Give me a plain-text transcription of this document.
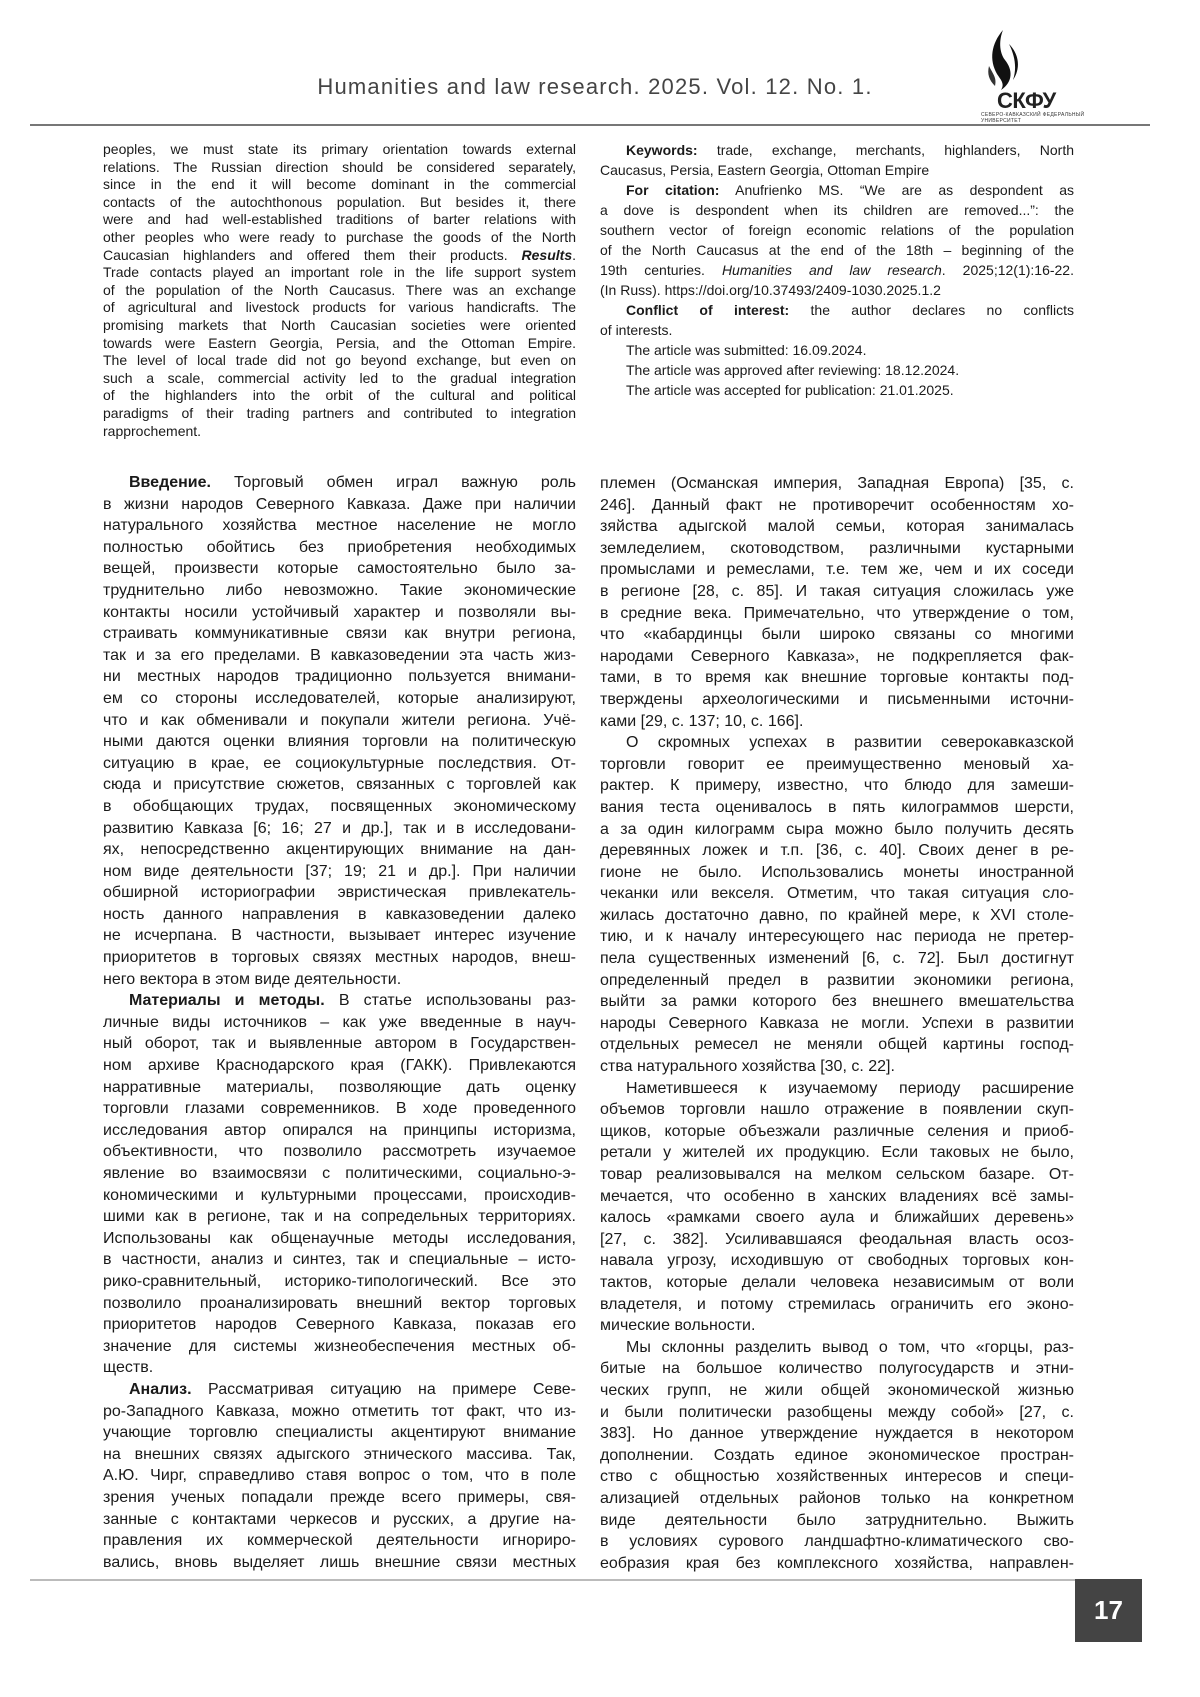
Humanities and law research. 2025. Vol. 12. No. 1.
СКФУ
СЕВЕРО-КАВКАЗСКИЙ ФЕДЕРАЛЬНЫЙ УНИВЕРСИТЕТ
peoples, we must state its primary orientation towards external
relations. The Russian direction should be considered separately,
since in the end it will become dominant in the commercial
contacts of the autochthonous population. But besides it, there
were and had well-established traditions of barter relations with
other peoples who were ready to purchase the goods of the North
Caucasian highlanders and offered them their products. Results.
Trade contacts played an important role in the life support system
of the population of the North Caucasus. There was an exchange
of agricultural and livestock products for various handicrafts. The
promising markets that North Caucasian societies were oriented
towards were Eastern Georgia, Persia, and the Ottoman Empire.
The level of local trade did not go beyond exchange, but even on
such a scale, commercial activity led to the gradual integration
of the highlanders into the orbit of the cultural and political
paradigms of their trading partners and contributed to integration
rapprochement.
Keywords: trade, exchange, merchants, highlanders, North
Caucasus, Persia, Eastern Georgia, Ottoman Empire
For citation: Anufrienko MS. “We are as despondent as
a dove is despondent when its children are removed...”: the
southern vector of foreign economic relations of the population
of the North Caucasus at the end of the 18th – beginning of the
19th centuries. Humanities and law research. 2025;12(1):16-22.
(In Russ). https://doi.org/10.37493/2409-1030.2025.1.2
Conflict of interest: the author declares no conflicts
of interests.
The article was submitted: 16.09.2024.
The article was approved after reviewing: 18.12.2024.
The article was accepted for publication: 21.01.2025.
Введение. Торговый обмен играл важную роль
в жизни народов Северного Кавказа. Даже при наличии
натурального хозяйства местное население не могло
полностью обойтись без приобретения необходимых
вещей, произвести которые самостоятельно было за-
труднительно либо невозможно. Такие экономические
контакты носили устойчивый характер и позволяли вы-
страивать коммуникативные связи как внутри региона,
так и за его пределами. В кавказоведении эта часть жиз-
ни местных народов традиционно пользуется внимани-
ем со стороны исследователей, которые анализируют,
что и как обменивали и покупали жители региона. Учё-
ными даются оценки влияния торговли на политическую
ситуацию в крае, ее социокультурные последствия. От-
сюда и присутствие сюжетов, связанных с торговлей как
в обобщающих трудах, посвященных экономическому
развитию Кавказа [6; 16; 27 и др.], так и в исследовани-
ях, непосредственно акцентирующих внимание на дан-
ном виде деятельности [37; 19; 21 и др.]. При наличии
обширной историографии эвристическая привлекатель-
ность данного направления в кавказоведении далеко
не исчерпана. В частности, вызывает интерес изучение
приоритетов в торговых связях местных народов, внеш-
него вектора в этом виде деятельности.
Материалы и методы. В статье использованы раз-
личные виды источников – как уже введенные в науч-
ный оборот, так и выявленные автором в Государствен-
ном архиве Краснодарского края (ГАКК). Привлекаются
нарративные материалы, позволяющие дать оценку
торговли глазами современников. В ходе проведенного
исследования автор опирался на принципы историзма,
объективности, что позволило рассмотреть изучаемое
явление во взаимосвязи с политическими, социально-э-
кономическими и культурными процессами, происходив-
шими как в регионе, так и на сопредельных территориях.
Использованы как общенаучные методы исследования,
в частности, анализ и синтез, так и специальные – исто-
рико-сравнительный, историко-типологический. Все это
позволило проанализировать внешний вектор торговых
приоритетов народов Северного Кавказа, показав его
значение для системы жизнеобеспечения местных об-
ществ.
Анализ. Рассматривая ситуацию на примере Севе-
ро-Западного Кавказа, можно отметить тот факт, что из-
учающие торговлю специалисты акцентируют внимание
на внешних связях адыгского этнического массива. Так,
А.Ю. Чирг, справедливо ставя вопрос о том, что в поле
зрения ученых попадали прежде всего примеры, свя-
занные с контактами черкесов и русских, а другие на-
правления их коммерческой деятельности игнориро-
вались, вновь выделяет лишь внешние связи местных
племен (Османская империя, Западная Европа) [35, с.
246]. Данный факт не противоречит особенностям хо-
зяйства адыгской малой семьи, которая занималась
земледелием, скотоводством, различными кустарными
промыслами и ремеслами, т.е. тем же, чем и их соседи
в регионе [28, с. 85]. И такая ситуация сложилась уже
в средние века. Примечательно, что утверждение о том,
что «кабардинцы были широко связаны со многими
народами Северного Кавказа», не подкрепляется фак-
тами, в то время как внешние торговые контакты под-
тверждены археологическими и письменными источни-
ками [29, с. 137; 10, с. 166].
О скромных успехах в развитии северокавказской
торговли говорит ее преимущественно меновый ха-
рактер. К примеру, известно, что блюдо для замеши-
вания теста оценивалось в пять килограммов шерсти,
а за один килограмм сыра можно было получить десять
деревянных ложек и т.п. [36, с. 40]. Своих денег в ре-
гионе не было. Использовались монеты иностранной
чеканки или векселя. Отметим, что такая ситуация сло-
жилась достаточно давно, по крайней мере, к XVI столе-
тию, и к началу интересующего нас периода не претер-
пела существенных изменений [6, с. 72]. Был достигнут
определенный предел в развитии экономики региона,
выйти за рамки которого без внешнего вмешательства
народы Северного Кавказа не могли. Успехи в развитии
отдельных ремесел не меняли общей картины господ-
ства натурального хозяйства [30, с. 22].
Наметившееся к изучаемому периоду расширение
объемов торговли нашло отражение в появлении скуп-
щиков, которые объезжали различные селения и приоб-
ретали у жителей их продукцию. Если таковых не было,
товар реализовывался на мелком сельском базаре. От-
мечается, что особенно в ханских владениях всё замы-
калось «рамками своего аула и ближайших деревень»
[27, с. 382]. Усиливавшаяся феодальная власть осоз-
навала угрозу, исходившую от свободных торговых кон-
тактов, которые делали человека независимым от воли
владетеля, и потому стремилась ограничить его эконо-
мические вольности.
Мы склонны разделить вывод о том, что «горцы, раз-
битые на большое количество полугосударств и этни-
ческих групп, не жили общей экономической жизнью
и были политически разобщены между собой» [27, с.
383]. Но данное утверждение нуждается в некотором
дополнении. Создать единое экономическое простран-
ство с общностью хозяйственных интересов и специ-
ализацией отдельных районов только на конкретном
виде деятельности было затруднительно. Выжить
в условиях сурового ландшафтно-климатического сво-
еобразия края без комплексного хозяйства, направлен-
17
